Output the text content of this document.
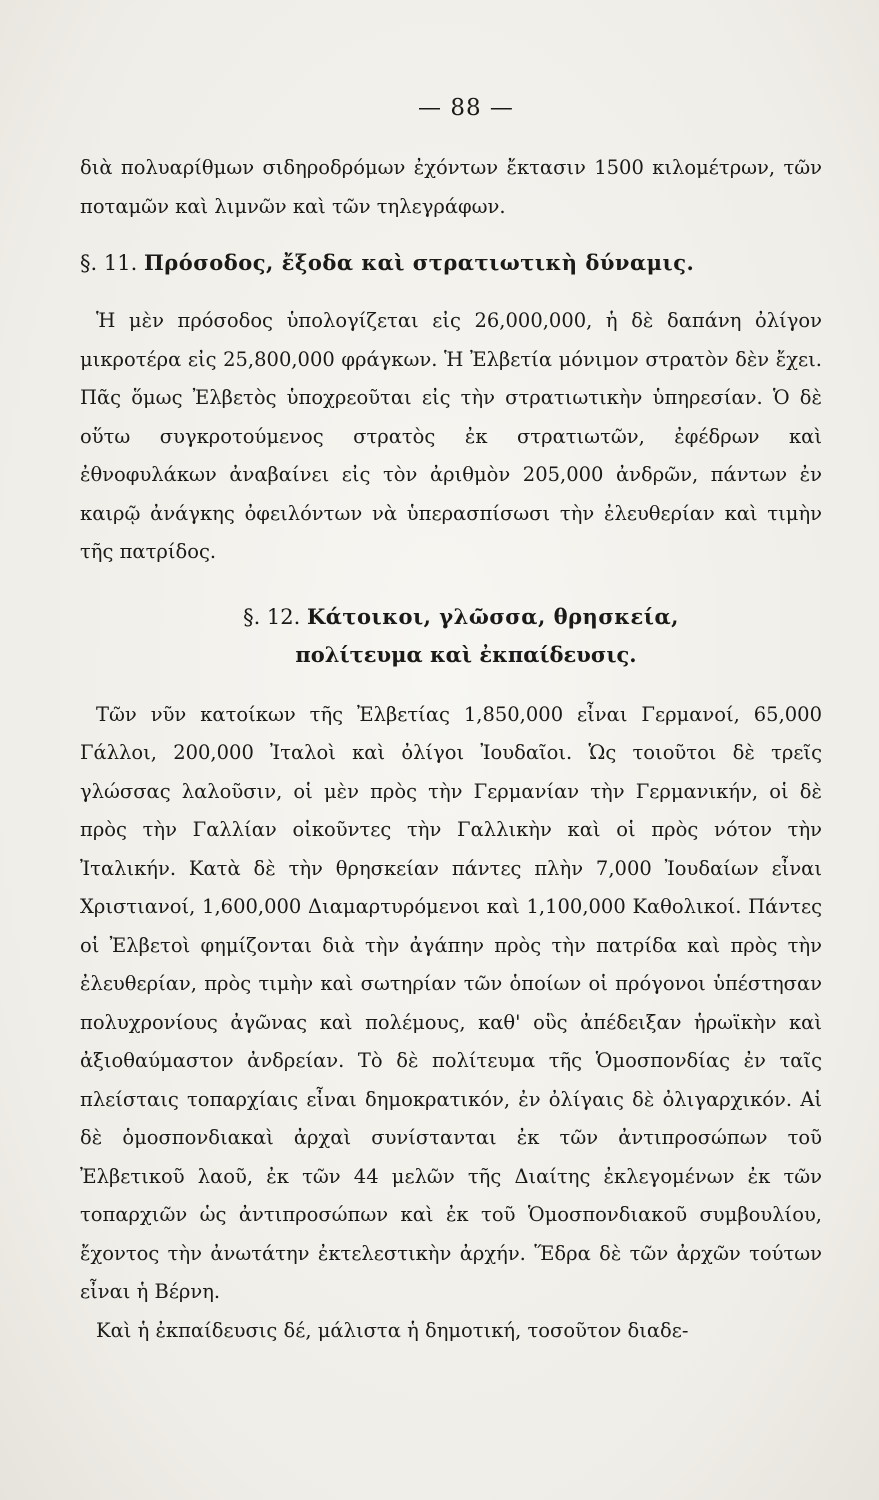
— 88 —

διὰ πολυαρίθμων σιδηροδρόμων ἐχόντων ἔκτασιν 1500 κιλομέτρων, τῶν ποταμῶν καὶ λιμνῶν καὶ τῶν τηλεγράφων.

§. 11. Πρόσοδος, ἔξοδα καὶ στρατιωτικὴ δύναμις.

Ἡ μὲν πρόσοδος ὑπολογίζεται εἰς 26,000,000, ἡ δὲ δαπάνη ὀλίγον μικροτέρα εἰς 25,800,000 φράγκων. Ἡ Ἐλβετία μόνιμον στρατὸν δὲν ἔχει. Πᾶς ὅμως Ἐλβετὸς ὑποχρεοῦται εἰς τὴν στρατιωτικὴν ὑπηρεσίαν. Ὁ δὲ οὕτω συγκροτούμενος στρατὸς ἐκ στρατιωτῶν, ἐφέδρων καὶ ἐθνοφυλάκων ἀναβαίνει εἰς τὸν ἀριθμὸν 205,000 ἀνδρῶν, πάντων ἐν καιρῷ ἀνάγκης ὀφειλόντων νὰ ὑπερασπίσωσι τὴν ἐλευθερίαν καὶ τιμὴν τῆς πατρίδος.

§. 12. Κάτοικοι, γλῶσσα, θρησκεία,
πολίτευμα καὶ ἐκπαίδευσις.

Τῶν νῦν κατοίκων τῆς Ἐλβετίας 1,850,000 εἶναι Γερμανοί, 65,000 Γάλλοι, 200,000 Ἰταλοὶ καὶ ὀλίγοι Ἰουδαῖοι. Ὡς τοιοῦτοι δὲ τρεῖς γλώσσας λαλοῦσιν, οἱ μὲν πρὸς τὴν Γερμανίαν τὴν Γερμανικήν, οἱ δὲ πρὸς τὴν Γαλλίαν οἰκοῦντες τὴν Γαλλικὴν καὶ οἱ πρὸς νότον τὴν Ἰταλικήν. Κατὰ δὲ τὴν θρησκείαν πάντες πλὴν 7,000 Ἰουδαίων εἶναι Χριστιανοί, 1,600,000 Διαμαρτυρόμενοι καὶ 1,100,000 Καθολικοί. Πάντες οἱ Ἐλβετοὶ φημίζονται διὰ τὴν ἀγάπην πρὸς τὴν πατρίδα καὶ πρὸς τὴν ἐλευθερίαν, πρὸς τιμὴν καὶ σωτηρίαν τῶν ὁποίων οἱ πρόγονοι ὑπέστησαν πολυχρονίους ἀγῶνας καὶ πολέμους, καθ' οὓς ἀπέδειξαν ἡρωϊκὴν καὶ ἀξιοθαύμαστον ἀνδρείαν. Τὸ δὲ πολίτευμα τῆς Ὁμοσπονδίας ἐν ταῖς πλείσταις τοπαρχίαις εἶναι δημοκρατικόν, ἐν ὀλίγαις δὲ ὀλιγαρχικόν. Αἱ δὲ ὁμοσπονδιακαὶ ἀρχαὶ συνίστανται ἐκ τῶν ἀντιπροσώπων τοῦ Ἐλβετικοῦ λαοῦ, ἐκ τῶν 44 μελῶν τῆς Διαίτης ἐκλεγομένων ἐκ τῶν τοπαρχιῶν ὡς ἀντιπροσώπων καὶ ἐκ τοῦ Ὁμοσπονδιακοῦ συμβουλίου, ἔχοντος τὴν ἀνωτάτην ἐκτελεστικὴν ἀρχήν. Ἕδρα δὲ τῶν ἀρχῶν τούτων εἶναι ἡ Βέρνη.

Καὶ ἡ ἐκπαίδευσις δέ, μάλιστα ἡ δημοτική, τοσοῦτον διαδε-
